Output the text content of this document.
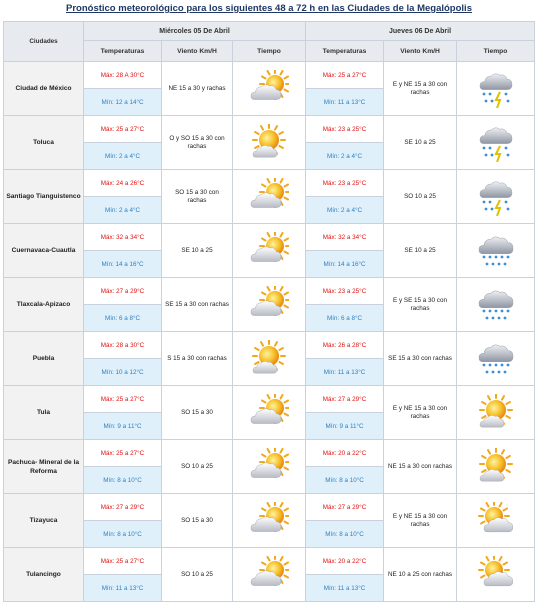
Pronóstico meteorológico para los siguientes 48 a 72 h en las Ciudades de la Megalópolis
Ciudades	Miércoles 05 De Abril			Jueves 06 De Abril		
	Temperaturas	Viento Km/H	Tiempo	Temperaturas	Viento Km/H	Tiempo
Ciudad de México	Máx: 28 A 30°C	NE 15 a 30 y rachas		Máx: 25 a 27°C	E y NE 15 a 30 con rachas	

	Mín: 12 a 14°C			Mín: 11 a 13°C		
Toluca	Máx: 25 a 27°C	O y SO 15 a 30 con rachas		Máx: 23 a 25°C	SE 10 a 25	

	Mín: 2 a 4°C			Mín: 2 a 4°C		
Santiago Tianguistenco	Máx: 24 a 26°C	SO 15 a 30 con rachas		Máx: 23 a 25°C	SO 10 a 25	

	Mín: 2 a 4°C			Mín: 2 a 4°C		
Cuernavaca-Cuautla	Máx: 32 a 34°C	SE 10 a 25		Máx: 32 a 34°C	SE 10 a 25	

	Mín: 14 a 16°C			Mín: 14 a 16°C		
Tlaxcala-Apizaco	Máx: 27 a 29°C	SE 15 a 30 con rachas		Máx: 23 a 25°C	E y SE 15 a 30 con rachas	

	Mín: 6 a 8°C			Mín: 6 a 8°C		
Puebla	Máx: 28 a 30°C	S 15 a 30 con rachas		Máx: 26 a 28°C	SE 15 a 30 con rachas	

	Mín: 10 a 12°C			Mín: 11 a 13°C		
Tula	Máx: 25 a 27°C	SO 15 a 30		Máx: 27 a 29°C	E y NE 15 a 30 con rachas	

	Mín: 9 a 11°C			Mín: 9 a 11°C		
Pachuca- Mineral de la Reforma	Máx: 25 a 27°C	SO 10 a 25		Máx: 20 a 22°C	NE 15 a 30 con rachas	

	Mín: 8 a 10°C			Mín: 8 a 10°C		
Tizayuca	Máx: 27 a 29°C	SO 15 a 30		Máx: 27 a 29°C	E y NE 15 a 30 con rachas	

	Mín: 8 a 10°C			Mín: 8 a 10°C		
Tulancingo	Máx: 25 a 27°C	SO 10 a 25		Máx: 20 a 22°C	NE 10 a 25 con rachas	

	Mín: 11 a 13°C			Mín: 11 a 13°C		
